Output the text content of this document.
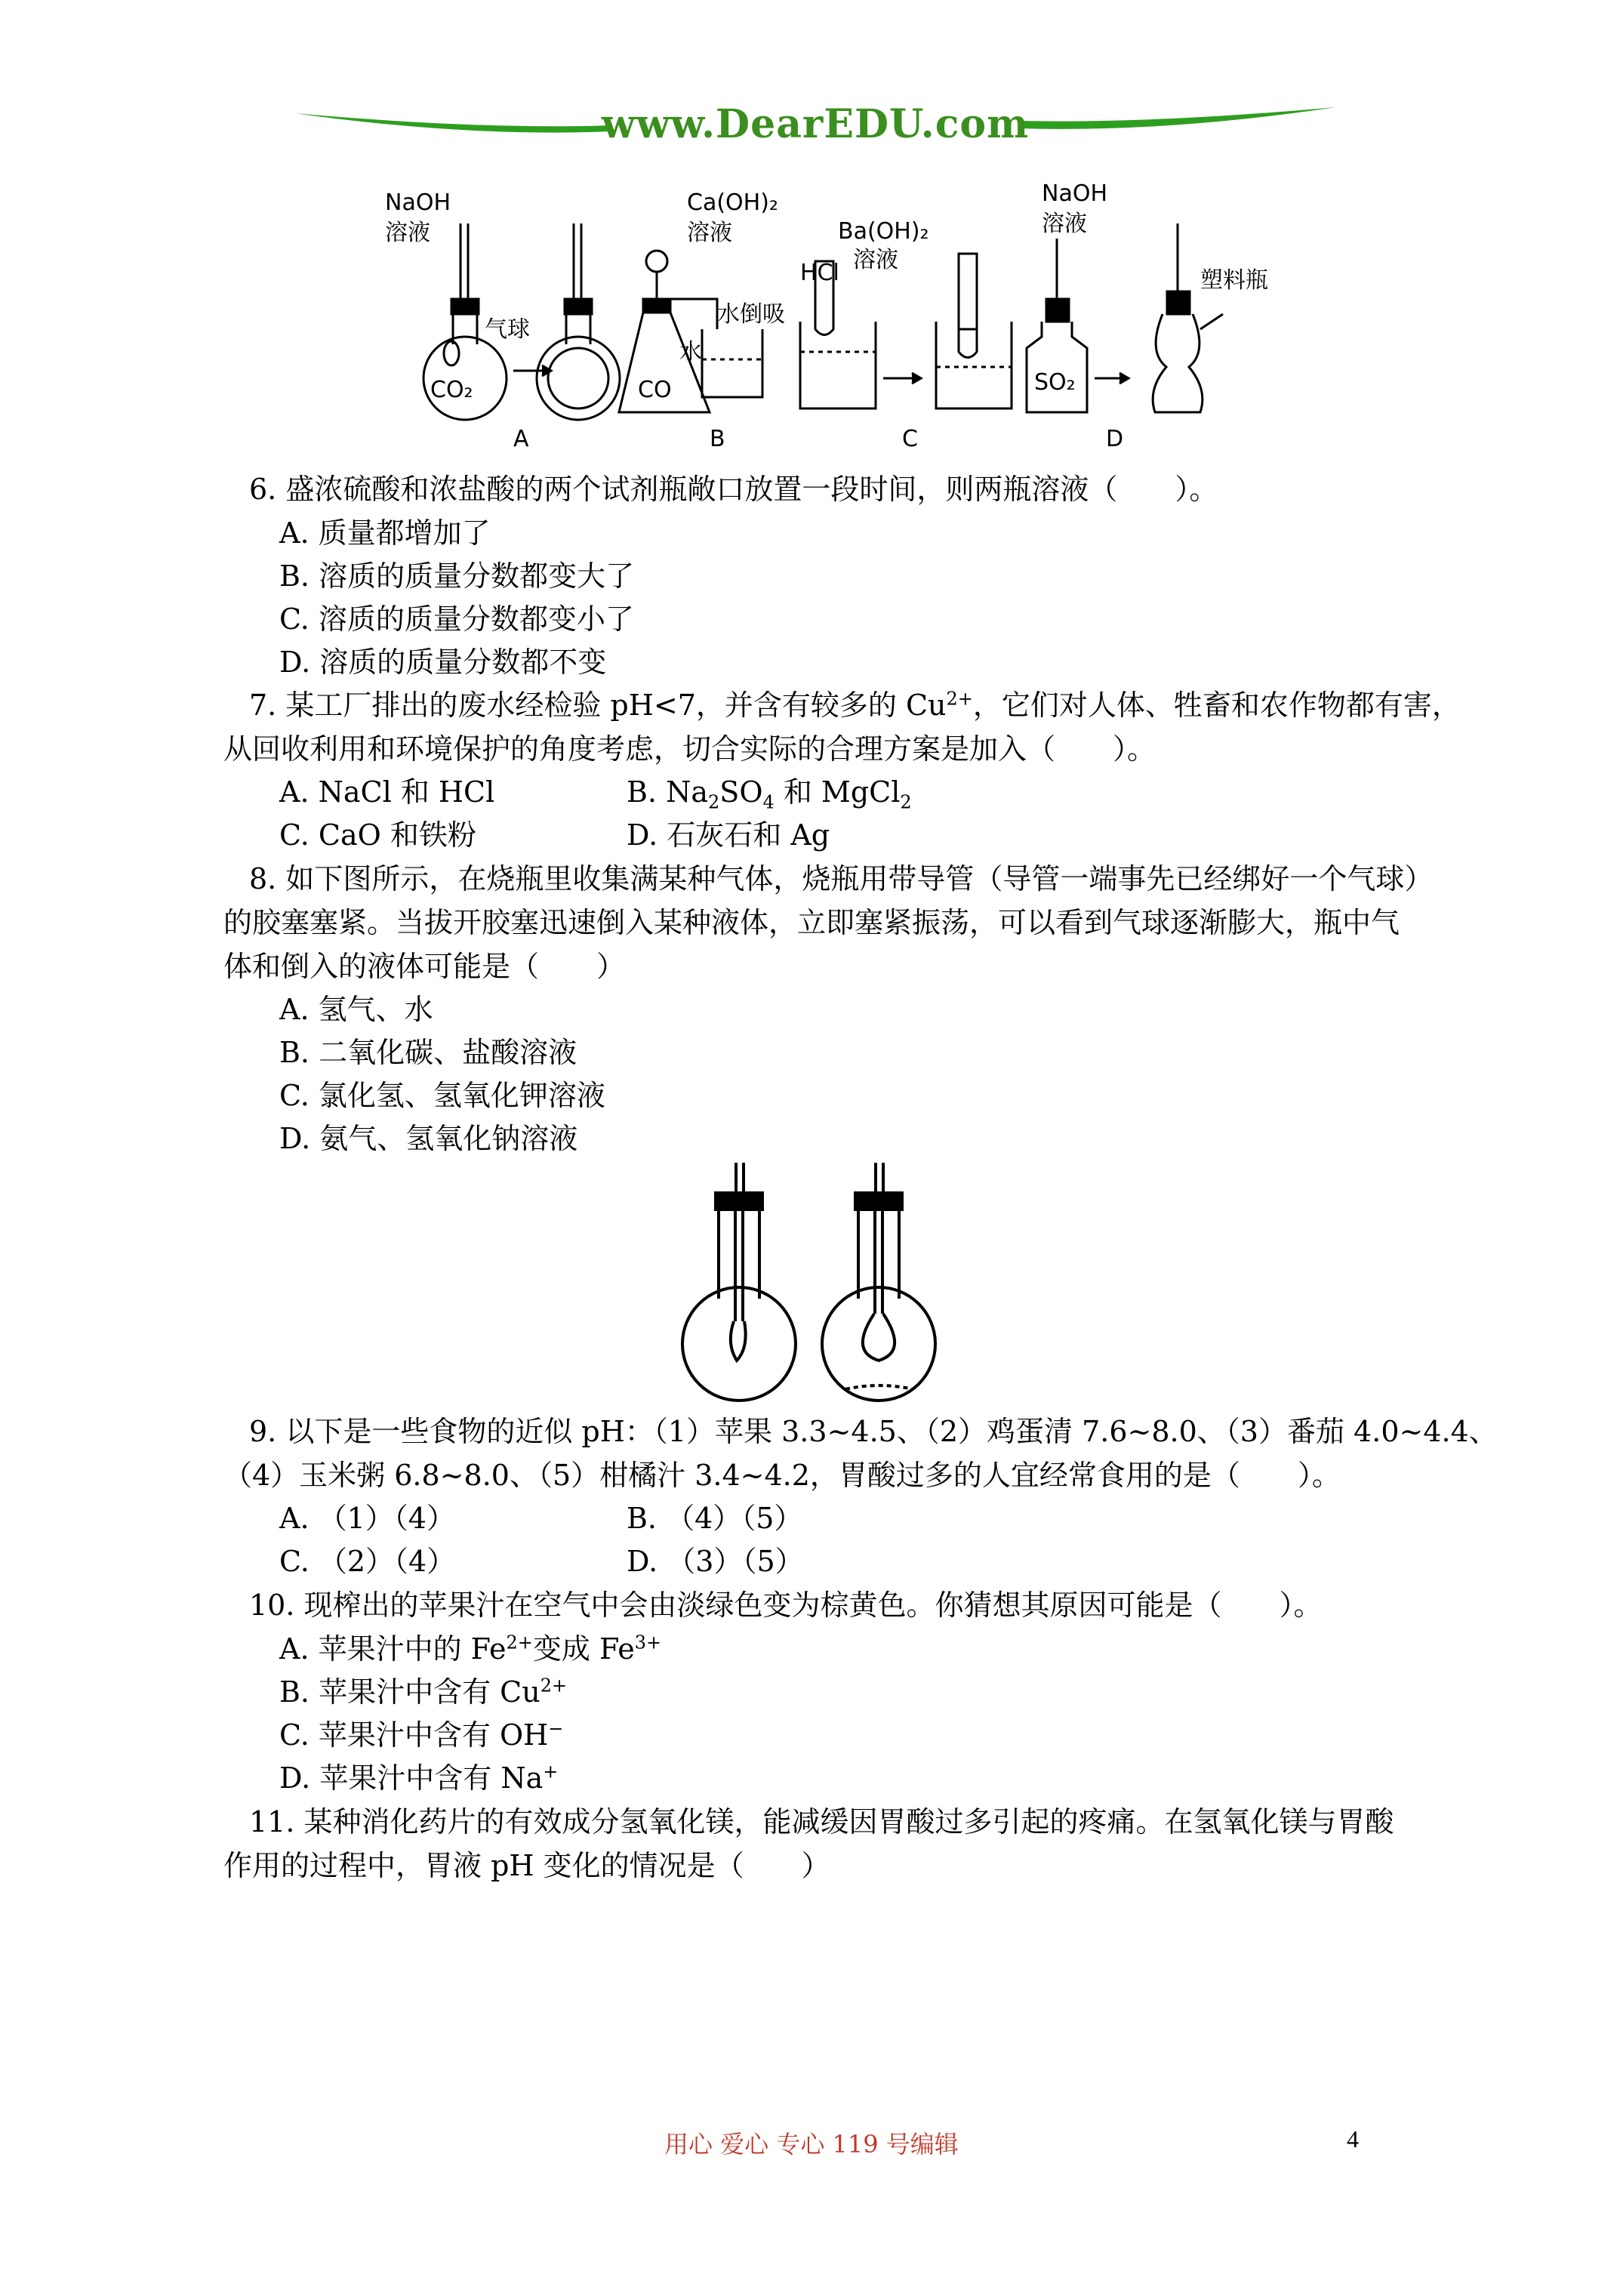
www.DearEDU.com
NaOH
溶液
CO₂
气球
A
Ca(OH)₂
溶液
水
CO
水倒吸
B
HCl
Ba(OH)₂
溶液
C
NaOH
溶液
SO₂
塑料瓶
D
6. 盛浓硫酸和浓盐酸的两个试剂瓶敞口放置一段时间，则两瓶溶液（　　）。
A. 质量都增加了
B. 溶质的质量分数都变大了
C. 溶质的质量分数都变小了
D. 溶质的质量分数都不变
7. 某工厂排出的废水经检验 pH<7，并含有较多的 $Cu^{2+}$，它们对人体、牲畜和农作物都有害，
从回收利用和环境保护的角度考虑，切合实际的合理方案是加入（　　）。
A. NaCl 和 HCl	B. $Na_2SO_4$ 和 MgCl$_2$
C. CaO 和铁粉	D. 石灰石和 Ag
8. 如下图所示，在烧瓶里收集满某种气体，烧瓶用带导管（导管一端事先已经绑好一个气球）
的胶塞塞紧。当拔开胶塞迅速倒入某种液体，立即塞紧振荡，可以看到气球逐渐膨大，瓶中气
体和倒入的液体可能是（　　）
A. 氢气、水
B. 二氧化碳、盐酸溶液
C. 氯化氢、氢氧化钾溶液
D. 氨气、氢氧化钠溶液
9. 以下是一些食物的近似 pH：（1）苹果 3.3~4.5、（2）鸡蛋清 7.6~8.0、（3）番茄 4.0~4.4、
（4）玉米粥 6.8~8.0、（5）柑橘汁 3.4~4.2，胃酸过多的人宜经常食用的是（　　）。
A. （1）（4）	B. （4）（5）
C. （2）（4）	D. （3）（5）
10. 现榨出的苹果汁在空气中会由淡绿色变为棕黄色。你猜想其原因可能是（　　）。
A. 苹果汁中的 $Fe^{2+}$变成 $Fe^{3+}$
B. 苹果汁中含有 $Cu^{2+}$
C. 苹果汁中含有 OH−
D. 苹果汁中含有 Na+
11. 某种消化药片的有效成分氢氧化镁，能减缓因胃酸过多引起的疼痛。在氢氧化镁与胃酸
作用的过程中，胃液 pH 变化的情况是（　　）
用心 爱心 专心 119 号编辑	4
